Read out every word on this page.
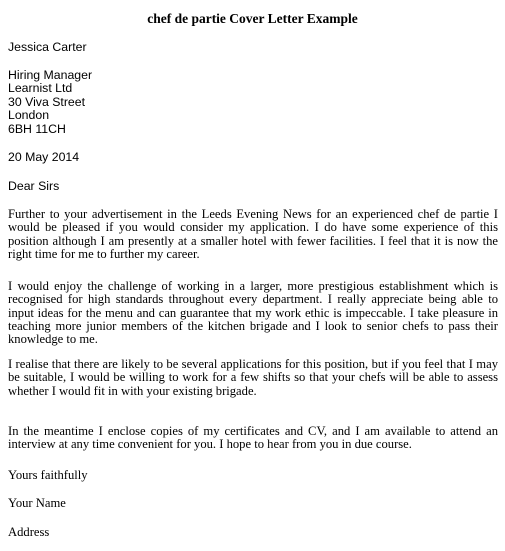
chef de partie Cover Letter Example
Jessica Carter
Hiring Manager
Learnist Ltd
30 Viva Street
London
6BH 11CH
20 May 2014
Dear Sirs
Further to your advertisement in the Leeds Evening News for an experienced chef de partie I would be pleased if you would consider my application. I do have some experience of this position although I am presently at a smaller hotel with fewer facilities. I feel that it is now the right time for me to further my career.
I would enjoy the challenge of working in a larger, more prestigious establishment which is recognised for high standards throughout every department. I really appreciate being able to input ideas for the menu and can guarantee that my work ethic is impeccable. I take pleasure in teaching more junior members of the kitchen brigade and I look to senior chefs to pass their knowledge to me.
I realise that there are likely to be several applications for this position, but if you feel that I may be suitable, I would be willing to work for a few shifts so that your chefs will be able to assess whether I would fit in with your existing brigade.
In the meantime I enclose copies of my certificates and CV, and I am available to attend an interview at any time convenient for you. I hope to hear from you in due course.
Yours faithfully
Your Name
Address
